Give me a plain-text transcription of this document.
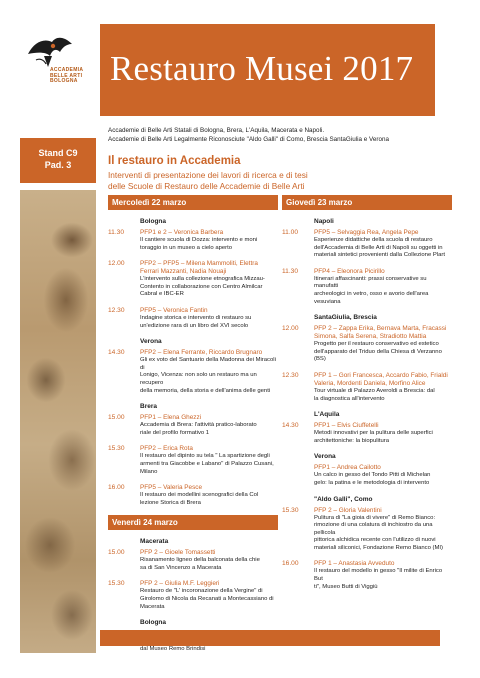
ACCADEMIA
BELLE ARTI
BOLOGNA Restauro Musei 2017
Accademie di Belle Arti Statali di Bologna, Brera, L'Aquila, Macerata e Napoli.
Accademie di Belle Arti Legalmente Riconosciute "Aldo Galli" di Como, Brescia SantaGiulia e Verona
Stand C9
Pad. 3	Il restauro in Accademia
Interventi di presentazione dei lavori di ricerca e di tesi
delle Scuole di Restauro delle Accademie di Belle Arti
Mercoledì 22 marzo
Bologna
11.30 PFP1 e 2 – Veronica Barbera
Il cantiere scuola di Dozza: intervento e moni
toraggio in un museo a cielo aperto
12.00 PFP2 – PFP5 – Milena Mammoliti, Elettra
Ferrari Mazzanti, Nadia Nouaji
L'intervento sulla collezione etnografica Mizzau-
Contento in collaborazione con Centro Almilcar
Cabral e IBC-ER
12.30 PFP5 – Veronica Fantin
Indagine storica e intervento di restauro su
un'edizione rara di un libro del XVI secolo
Verona
14.30 PFP2 – Elena Ferrante, Riccardo Brugnaro
Gli ex voto del Santuario della Madonna dei Miracoli di
Lonigo, Vicenza: non solo un restauro ma un recupero
della memoria, della storia e dell'anima delle genti
Brera
15.00 PFP1 – Elena Ghezzi
Accademia di Brera: l'attività pratico-laborato
riale del profilo formativo 1
15.30 PFP2 – Erica Rota
Il restauro del dipinto su tela " La spartizione degli
armenti tra Giacobbe e Labano" di Palazzo Cusani,
Milano
16.00 PFP5 – Valeria Pesce
Il restauro dei modellini scenografici della Col
lezione Storica di Brera
Venerdì 24 marzo
Macerata
15.00 PFP 2 – Gioele Tomassetti
Risanamento ligneo della balconata della chie
sa di San Vincenzo a Macerata
15.30 PFP 2 – Giulia M.F. Leggieri
Restauro de "L' incoronazione della Vergine" di
Girolomo di Nicola da Recanati a Montecassiano di
Macerata
Bologna
dal Museo Remo Brindisi
Giovedì 23 marzo
Napoli
11.00 PFP5 – Selvaggia Rea, Angela Pepe
Esperienze didattiche della scuola di restauro
dell'Accademia di Belle Arti di Napoli su oggetti in
materiali sintetici provenienti dalla Collezione Plart
11.30 PFP4 – Eleonora Picirillo
Itinerari affascinanti: prassi conservative su manufatti
archeologici in vetro, osso e avorio dell'area
vesuviana
SantaGiulia, Brescia
12.00 PFP 2 – Zappa Erika, Bernava Marta, Fracassi
Simona, Salfa Serena, Stradiotto Mattia
Progetto per il restauro conservativo ed estetico
dell'apparato del Triduo della Chiesa di Verzanno (BS)
12.30 PFP 1 – Gori Francesca, Accardo Fabio, Frialdi
Valeria, Mordenti Daniela, Morfino Alice
Tour virtuale di Palazzo Averoldi a Brescia: dal
la diagnostica all'intervento
L'Aquila
14.30 PFP1 – Elvis Ciuffetelli
Metodi innovativi per la pulitura delle superfici
architettoniche: la biopulitura
Verona
PFP1 – Andrea Cailotto
Un calco in gesso del Tondo Pitti di Michelan
gelo: la patina e le metodologia di intervento
"Aldo Galli", Como
15.30 PFP 2 – Gloria Valentini
Pulitura di "La gioia di vivere" di Remo Bianco:
rimozione di una colatura di inchiostro da una pellicola
pittorica alchidica recente con l'utilizzo di nuovi
materiali siliconici, Fondazione Remo Bianco (MI)
16.00 PFP 1 – Anastasia Avveduto
Il restauro del modello in gesso "Il milite di Enrico But
ti", Museo Butti di Viggiù
